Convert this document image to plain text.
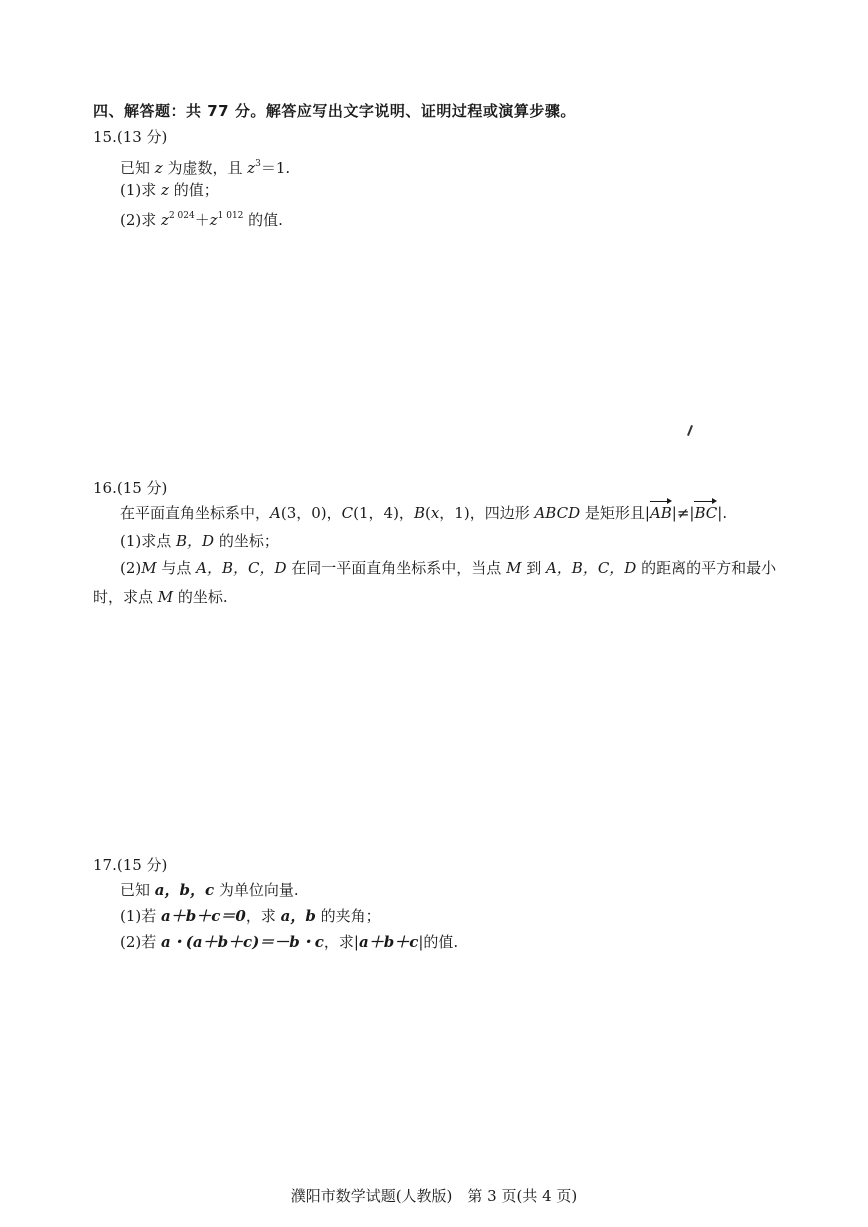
四、解答题：共 77 分。解答应写出文字说明、证明过程或演算步骤。
15.(13 分)
已知 z 为虚数，且 $z^3=1$.
(1)求 z 的值；
(2)求 $z^{2 024}+z^{1 012}$ 的值.
16.(15 分)
在平面直角坐标系中，A(3，0)，C(1，4)，B(x，1)，四边形 ABCD 是矩形且|AB|≠|BC|.
(1)求点 B，D 的坐标；
(2)M 与点 A，B，C，D 在同一平面直角坐标系中，当点 M 到 A，B，C，D 的距离的平方和最小
时，求点 M 的坐标.
17.(15 分)
已知 a，b，c 为单位向量.
(1)若 a＋b＋c＝0，求 a，b 的夹角；
(2)若 a・(a＋b＋c)＝－b・c，求|a＋b＋c|的值.
濮阳市数学试题(人教版)　第 3 页(共 4 页)
